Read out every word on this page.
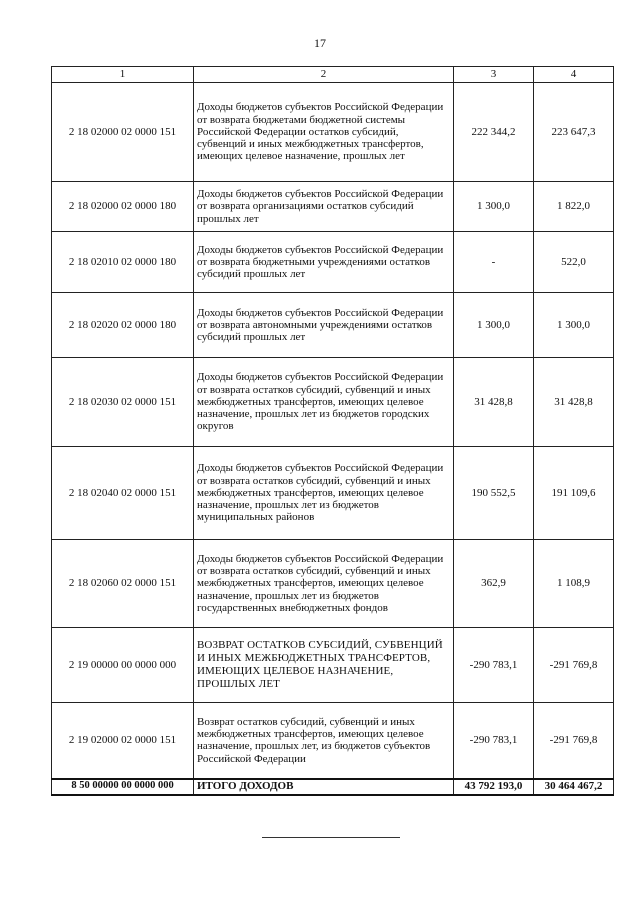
17
1	2	3	4
2 18 02000 02 0000 151	Доходы бюджетов субъектов Российской Федерации от возврата бюджетами бюджетной системы Российской Федерации остатков субсидий, субвенций и иных межбюджетных трансфертов, имеющих целевое назначение, прошлых лет	222 344,2	223 647,3
2 18 02000 02 0000 180	Доходы бюджетов субъектов Российской Федерации от возврата организациями остатков субсидий прошлых лет	1 300,0	1 822,0
2 18 02010 02 0000 180	Доходы бюджетов субъектов Российской Федерации от возврата бюджетными учреждениями остатков субсидий прошлых лет	-	522,0
2 18 02020 02 0000 180	Доходы бюджетов субъектов Российской Федерации от возврата автономными учреждениями остатков субсидий прошлых лет	1 300,0	1 300,0
2 18 02030 02 0000 151	Доходы бюджетов субъектов Российской Федерации от возврата остатков субсидий, субвенций и иных межбюджетных трансфертов, имеющих целевое назначение, прошлых лет из бюджетов городских округов	31 428,8	31 428,8
2 18 02040 02 0000 151	Доходы бюджетов субъектов Российской Федерации от возврата остатков субсидий, субвенций и иных межбюджетных трансфертов, имеющих целевое назначение, прошлых лет из бюджетов муниципальных районов	190 552,5	191 109,6
2 18 02060 02 0000 151	Доходы бюджетов субъектов Российской Федерации от возврата остатков субсидий, субвенций и иных межбюджетных трансфертов, имеющих целевое назначение, прошлых лет из бюджетов государственных внебюджетных фондов	362,9	1 108,9
2 19 00000 00 0000 000	ВОЗВРАТ ОСТАТКОВ СУБСИДИЙ, СУБВЕНЦИЙ И ИНЫХ МЕЖБЮДЖЕТНЫХ ТРАНСФЕРТОВ, ИМЕЮЩИХ ЦЕЛЕВОЕ НАЗНАЧЕНИЕ, ПРОШЛЫХ ЛЕТ	-290 783,1	-291 769,8
2 19 02000 02 0000 151	Возврат остатков субсидий, субвенций и иных межбюджетных трансфертов, имеющих целевое назначение, прошлых лет, из бюджетов субъектов Российской Федерации	-290 783,1	-291 769,8
8 50 00000 00 0000 000	ИТОГО ДОХОДОВ	43 792 193,0	30 464 467,2
